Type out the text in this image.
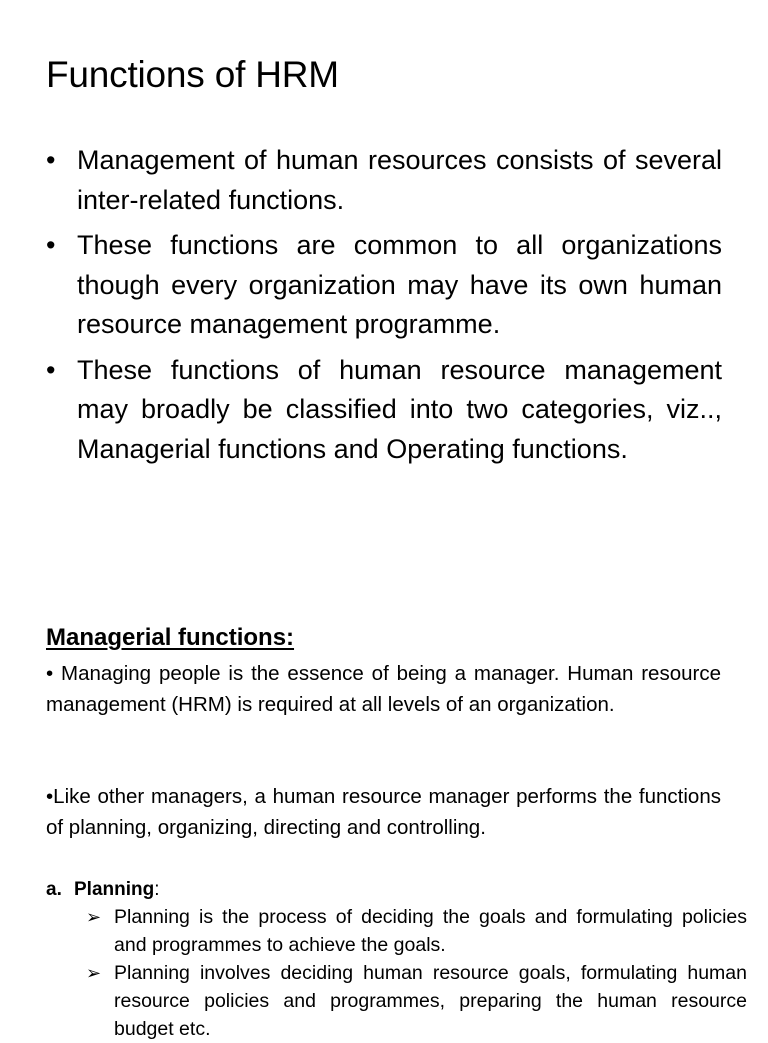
Functions of HRM
• Management of human resources consists of several inter-related functions.
• These functions are common to all organizations though every organization may have its own human resource management programme.
• These functions of human resource management may broadly be classified into two categories, viz.., Managerial functions and Operating functions.
Managerial functions:

• Managing people is the essence of being a manager. Human resource management (HRM) is required at all levels of an organization.

•Like other managers, a human resource manager performs the functions of planning, organizing, directing and controlling.

a. Planning:
➢ Planning is the process of deciding the goals and formulating policies and programmes to achieve the goals.
➢ Planning involves deciding human resource goals, formulating human resource policies and programmes, preparing the human resource budget etc.
